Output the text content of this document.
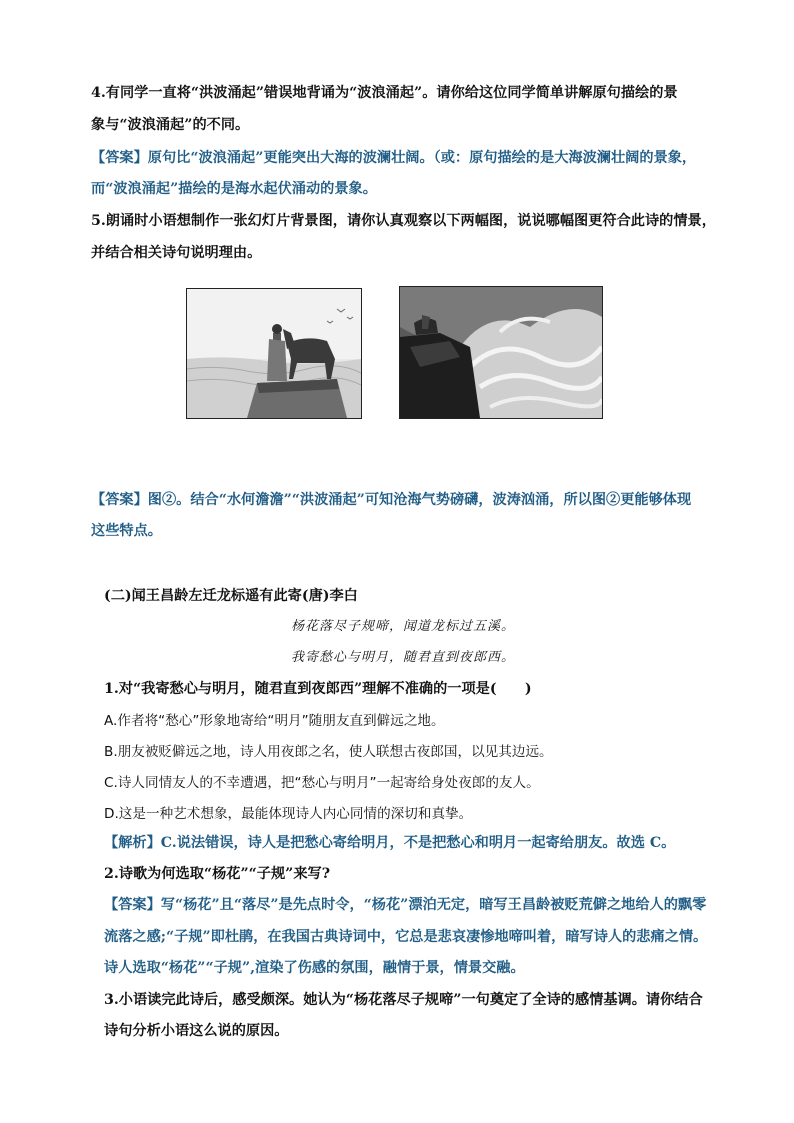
4.有同学一直将“洪波涌起”错误地背诵为“波浪涌起”。请你给这位同学简单讲解原句描绘的景
象与“波浪涌起”的不同。
【答案】原句比“波浪涌起”更能突出大海的波澜壮阔。（或：原句描绘的是大海波澜壮阔的景象，
而“波浪涌起”描绘的是海水起伏涌动的景象。
5.朗诵时小语想制作一张幻灯片背景图，请你认真观察以下两幅图，说说哪幅图更符合此诗的情景，
并结合相关诗句说明理由。
【答案】图②。结合“水何澹澹”“洪波涌起”可知沧海气势磅礴，波涛汹涌，所以图②更能够体现
这些特点。
(二)闻王昌龄左迁龙标遥有此寄(唐)李白
杨花落尽子规啼，闻道龙标过五溪。
我寄愁心与明月，随君直到夜郎西。
1.对“我寄愁心与明月，随君直到夜郎西”理解不准确的一项是(　　)
A.作者将“愁心”形象地寄给“明月”随朋友直到僻远之地。
B.朋友被贬僻远之地，诗人用夜郎之名，使人联想古夜郎国，以见其边远。
C.诗人同情友人的不幸遭遇，把“愁心与明月”一起寄给身处夜郎的友人。
D.这是一种艺术想象，最能体现诗人内心同情的深切和真挚。
【解析】C.说法错误，诗人是把愁心寄给明月，不是把愁心和明月一起寄给朋友。故选 C。
2.诗歌为何选取“杨花”“子规”来写?
【答案】写“杨花”且“落尽”是先点时令，“杨花”漂泊无定，暗写王昌龄被贬荒僻之地给人的飘零
流落之感;“子规”即杜鹃，在我国古典诗词中，它总是悲哀凄惨地啼叫着，暗写诗人的悲痛之情。
诗人选取“杨花”“子规”,渲染了伤感的氛围，融情于景，情景交融。
3.小语读完此诗后，感受颇深。她认为“杨花落尽子规啼”一句奠定了全诗的感情基调。请你结合
诗句分析小语这么说的原因。
